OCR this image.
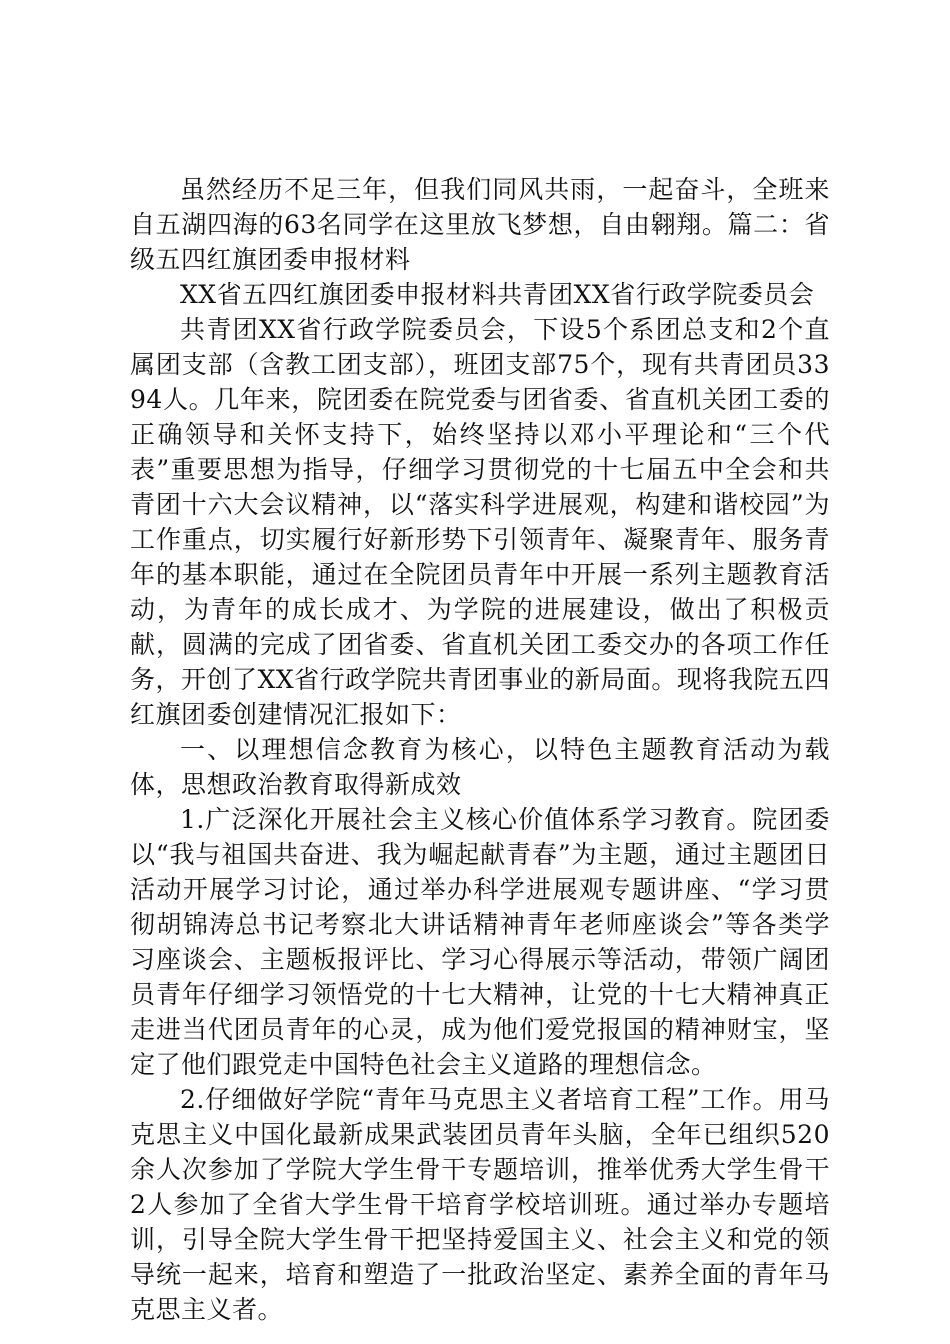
虽然经历不足三年，但我们同风共雨，一起奋斗，全班来自五湖四海的63名同学在这里放飞梦想，自由翱翔。篇二：省级五四红旗团委申报材料

XX省五四红旗团委申报材料共青团XX省行政学院委员会

共青团XX省行政学院委员会，下设5个系团总支和2个直属团支部（含教工团支部），班团支部75个，现有共青团员3394人。几年来，院团委在院党委与团省委、省直机关团工委的正确领导和关怀支持下，始终坚持以邓小平理论和“三个代表”重要思想为指导，仔细学习贯彻党的十七届五中全会和共青团十六大会议精神，以“落实科学进展观，构建和谐校园”为工作重点，切实履行好新形势下引领青年、凝聚青年、服务青年的基本职能，通过在全院团员青年中开展一系列主题教育活动，为青年的成长成才、为学院的进展建设，做出了积极贡献，圆满的完成了团省委、省直机关团工委交办的各项工作任务，开创了XX省行政学院共青团事业的新局面。现将我院五四红旗团委创建情况汇报如下：

一、以理想信念教育为核心，以特色主题教育活动为载体，思想政治教育取得新成效

1.广泛深化开展社会主义核心价值体系学习教育。院团委以“我与祖国共奋进、我为崛起献青春”为主题，通过主题团日活动开展学习讨论，通过举办科学进展观专题讲座、“学习贯彻胡锦涛总书记考察北大讲话精神青年老师座谈会”等各类学习座谈会、主题板报评比、学习心得展示等活动，带领广阔团员青年仔细学习领悟党的十七大精神，让党的十七大精神真正走进当代团员青年的心灵，成为他们爱党报国的精神财宝，坚定了他们跟党走中国特色社会主义道路的理想信念。

2.仔细做好学院“青年马克思主义者培育工程”工作。用马克思主义中国化最新成果武装团员青年头脑，全年已组织520余人次参加了学院大学生骨干专题培训，推举优秀大学生骨干2人参加了全省大学生骨干培育学校培训班。通过举办专题培训，引导全院大学生骨干把坚持爱国主义、社会主义和党的领导统一起来，培育和塑造了一批政治坚定、素养全面的青年马克思主义者。
